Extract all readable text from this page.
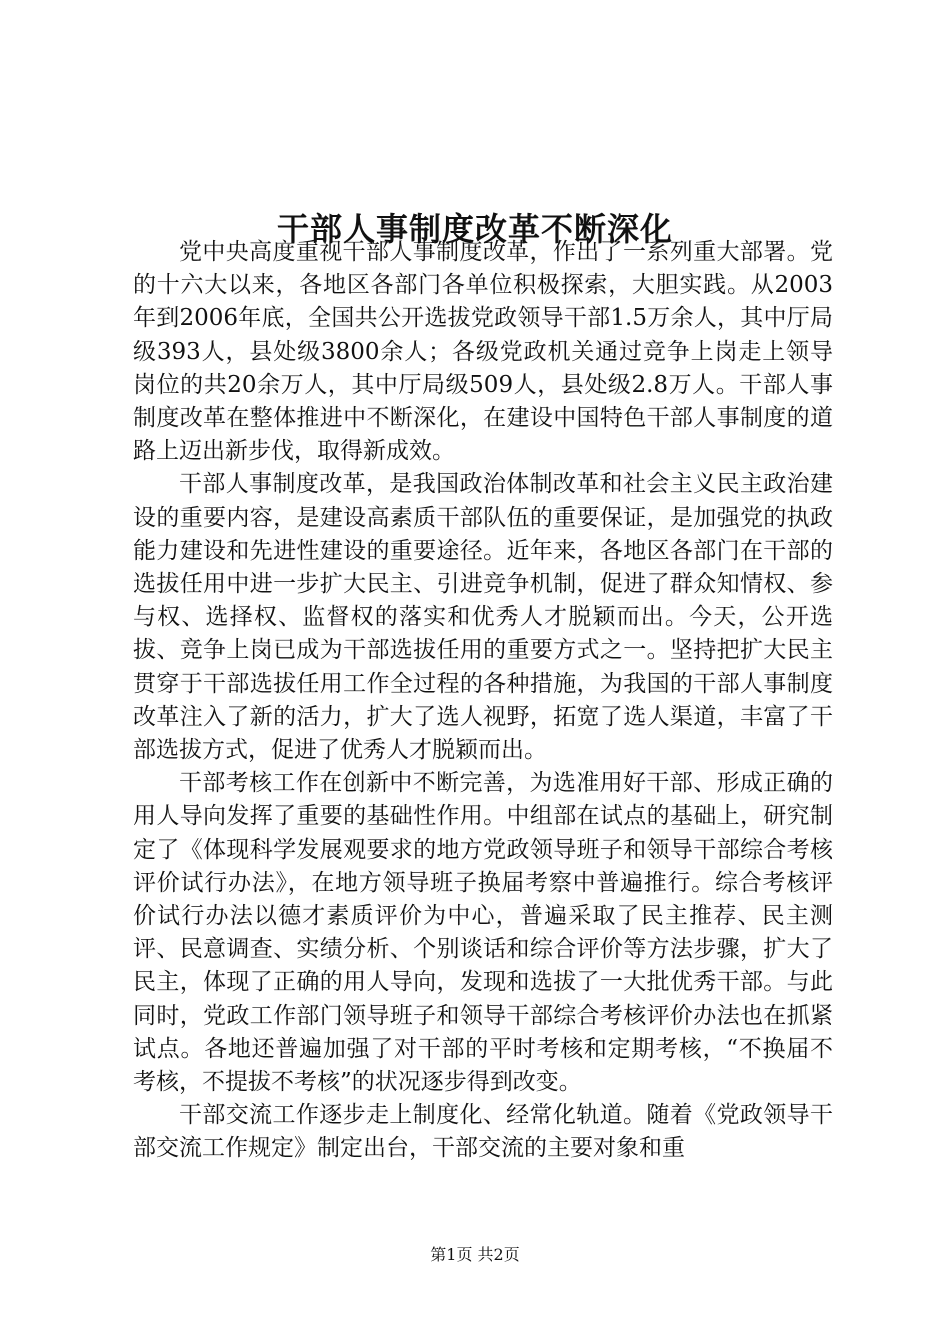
干部人事制度改革不断深化

党中央高度重视干部人事制度改革，作出了一系列重大部署。党的十六大以来，各地区各部门各单位积极探索，大胆实践。从2003年到2006年底，全国共公开选拔党政领导干部1.5万余人，其中厅局级393人，县处级3800余人；各级党政机关通过竞争上岗走上领导岗位的共20余万人，其中厅局级509人，县处级2.8万人。干部人事制度改革在整体推进中不断深化，在建设中国特色干部人事制度的道路上迈出新步伐，取得新成效。

干部人事制度改革，是我国政治体制改革和社会主义民主政治建设的重要内容，是建设高素质干部队伍的重要保证，是加强党的执政能力建设和先进性建设的重要途径。近年来，各地区各部门在干部的选拔任用中进一步扩大民主、引进竞争机制，促进了群众知情权、参与权、选择权、监督权的落实和优秀人才脱颖而出。今天，公开选拔、竞争上岗已成为干部选拔任用的重要方式之一。坚持把扩大民主贯穿于干部选拔任用工作全过程的各种措施，为我国的干部人事制度改革注入了新的活力，扩大了选人视野，拓宽了选人渠道，丰富了干部选拔方式，促进了优秀人才脱颖而出。

干部考核工作在创新中不断完善，为选准用好干部、形成正确的用人导向发挥了重要的基础性作用。中组部在试点的基础上，研究制定了《体现科学发展观要求的地方党政领导班子和领导干部综合考核评价试行办法》，在地方领导班子换届考察中普遍推行。综合考核评价试行办法以德才素质评价为中心，普遍采取了民主推荐、民主测评、民意调查、实绩分析、个别谈话和综合评价等方法步骤，扩大了民主，体现了正确的用人导向，发现和选拔了一大批优秀干部。与此同时，党政工作部门领导班子和领导干部综合考核评价办法也在抓紧试点。各地还普遍加强了对干部的平时考核和定期考核，“不换届不考核，不提拔不考核”的状况逐步得到改变。

干部交流工作逐步走上制度化、经常化轨道。随着《党政领导干部交流工作规定》制定出台，干部交流的主要对象和重

第1页 共2页
